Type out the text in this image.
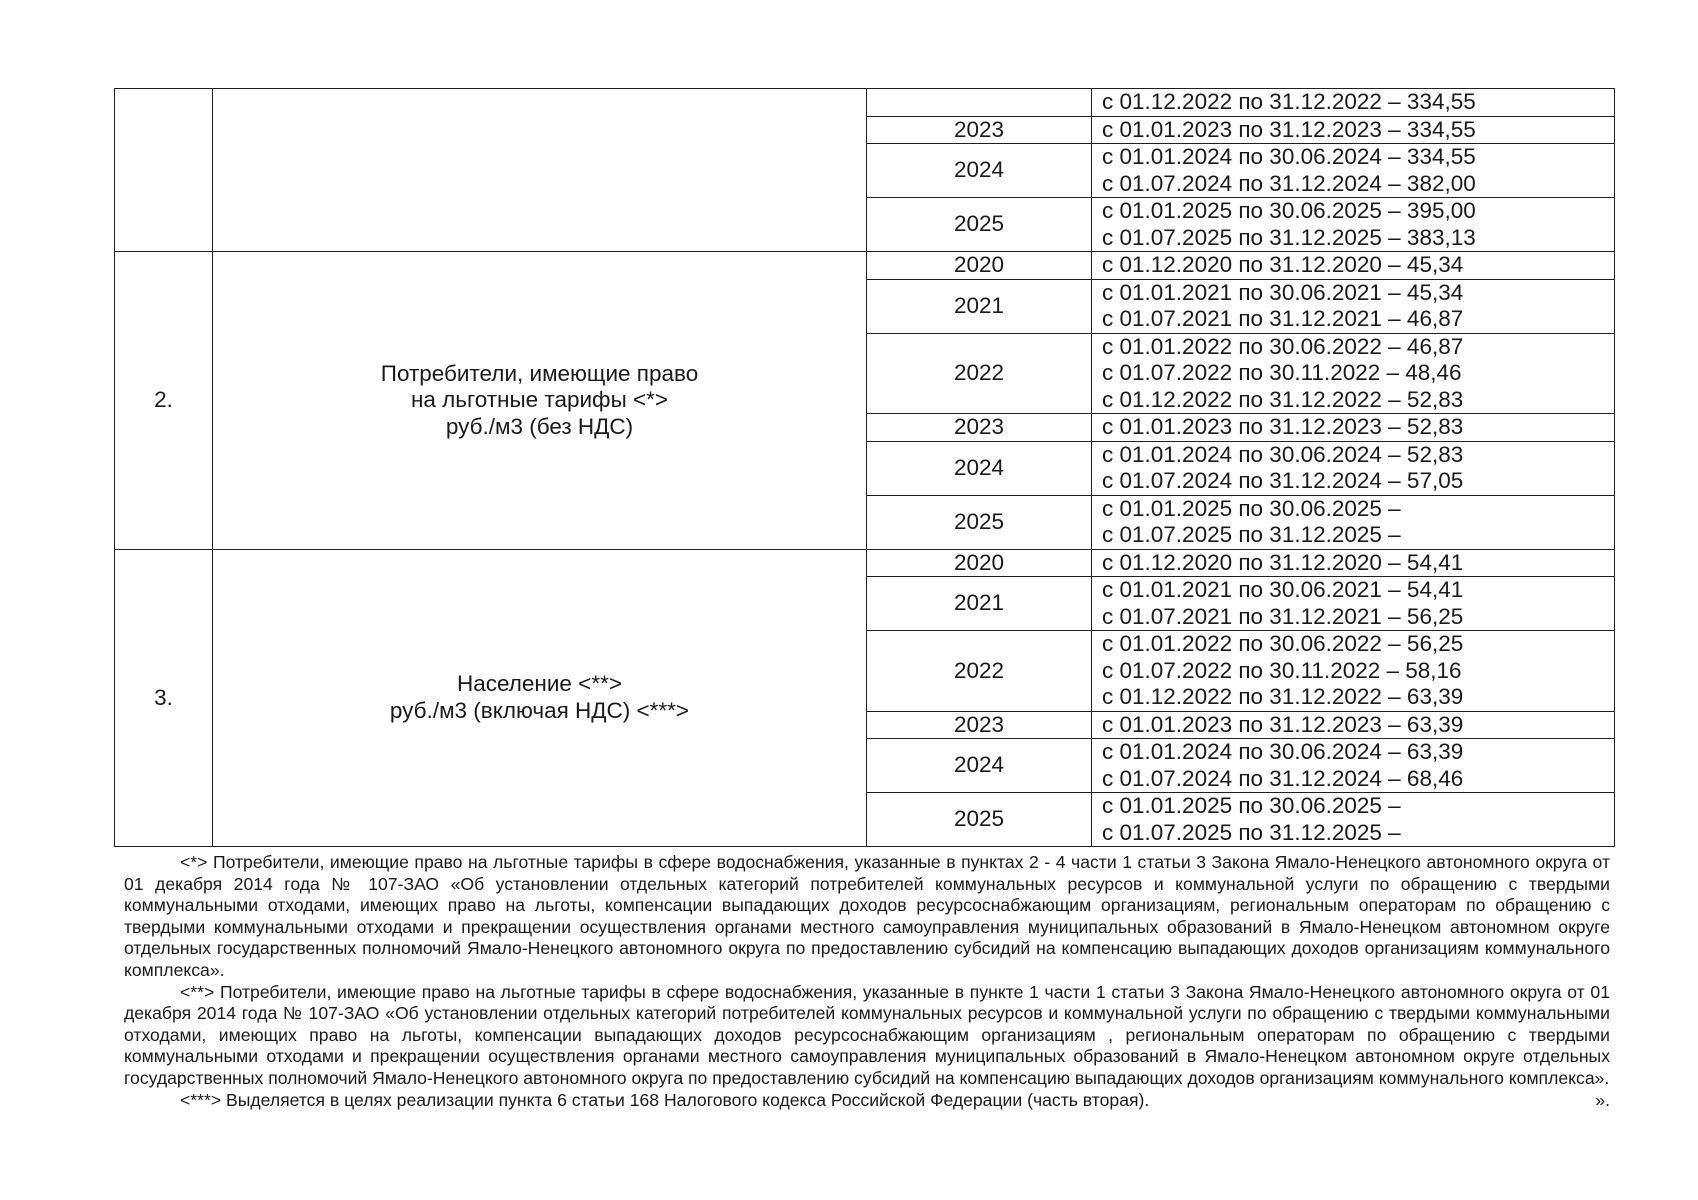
			с 01.12.2022 по 31.12.2022 – 334,55

		2023	с 01.01.2023 по 31.12.2023 – 334,55

		2024	с 01.01.2024 по 30.06.2024 – 334,55
с 01.07.2024 по 31.12.2024 – 382,00

		2025	с 01.01.2025 по 30.06.2025 – 395,00
с 01.07.2025 по 31.12.2025 – 383,13

2.	Потребители, имеющие право
на льготные тарифы <*>
руб./м3 (без НДС)	2020	с 01.12.2020 по 31.12.2020 – 45,34

		2021	с 01.01.2021 по 30.06.2021 – 45,34
с 01.07.2021 по 31.12.2021 – 46,87

		2022	с 01.01.2022 по 30.06.2022 – 46,87
с 01.07.2022 по 30.11.2022 – 48,46
с 01.12.2022 по 31.12.2022 – 52,83

		2023	с 01.01.2023 по 31.12.2023 – 52,83

		2024	с 01.01.2024 по 30.06.2024 – 52,83
с 01.07.2024 по 31.12.2024 – 57,05

		2025	с 01.01.2025 по 30.06.2025 –
с 01.07.2025 по 31.12.2025 –

3.	Население <**>
руб./м3 (включая НДС) <***>	2020	с 01.12.2020 по 31.12.2020 – 54,41

		2021	с 01.01.2021 по 30.06.2021 – 54,41
с 01.07.2021 по 31.12.2021 – 56,25

		2022	с 01.01.2022 по 30.06.2022 – 56,25
с 01.07.2022 по 30.11.2022 – 58,16
с 01.12.2022 по 31.12.2022 – 63,39

		2023	с 01.01.2023 по 31.12.2023 – 63,39

		2024	с 01.01.2024 по 30.06.2024 – 63,39
с 01.07.2024 по 31.12.2024 – 68,46

		2025	с 01.01.2025 по 30.06.2025 –
с 01.07.2025 по 31.12.2025 –

<*> Потребители, имеющие право на льготные тарифы в сфере водоснабжения, указанные в пунктах 2 - 4 части 1 статьи 3 Закона Ямало-Ненецкого автономного округа от 01 декабря 2014 года № 107-ЗАО «Об установлении отдельных категорий потребителей коммунальных ресурсов и коммунальной услуги по обращению с твердыми коммунальными отходами, имеющих право на льготы, компенсации выпадающих доходов ресурсоснабжающим организациям, региональным операторам по обращению с твердыми коммунальными отходами и прекращении осуществления органами местного самоуправления муниципальных образований в Ямало-Ненецком автономном округе отдельных государственных полномочий Ямало-Ненецкого автономного округа по предоставлению субсидий на компенсацию выпадающих доходов организациям коммунального комплекса».

<**> Потребители, имеющие право на льготные тарифы в сфере водоснабжения, указанные в пункте 1 части 1 статьи 3 Закона Ямало-Ненецкого автономного округа от 01 декабря 2014 года № 107-ЗАО «Об установлении отдельных категорий потребителей коммунальных ресурсов и коммунальной услуги по обращению с твердыми коммунальными отходами, имеющих право на льготы, компенсации выпадающих доходов ресурсоснабжающим организациям , региональным операторам по обращению с твердыми коммунальными отходами и прекращении осуществления органами местного самоуправления муниципальных образований в Ямало-Ненецком автономном округе отдельных государственных полномочий Ямало-Ненецкого автономного округа по предоставлению субсидий на компенсацию выпадающих доходов организациям коммунального комплекса».

<***> Выделяется в целях реализации пункта 6 статьи 168 Налогового кодекса Российской Федерации (часть вторая).	».
